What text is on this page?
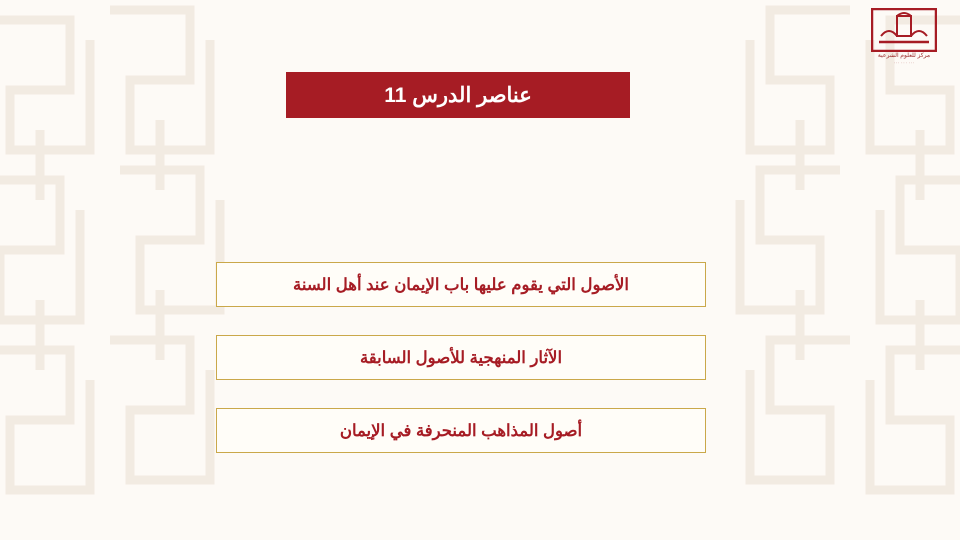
مركز للعلوم الشرعية
٠٠٠ ٠٠٠ ٠٠٠
عناصر الدرس 11
الأصول التي يقوم عليها باب الإيمان عند أهل السنة
الآثار المنهجية للأصول السابقة
أصول المذاهب المنحرفة في الإيمان
